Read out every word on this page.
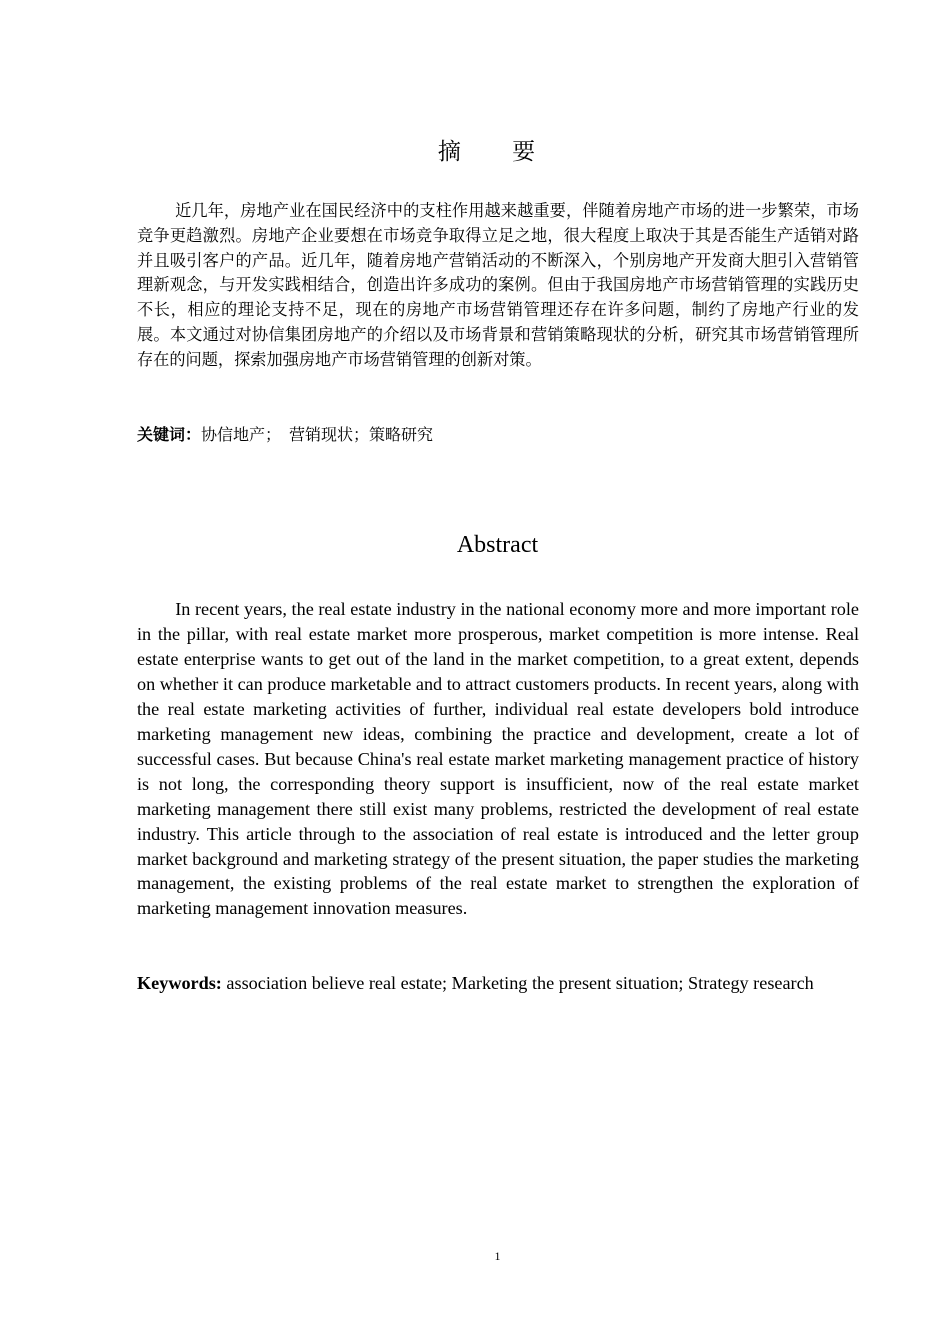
摘 要
近几年，房地产业在国民经济中的支柱作用越来越重要，伴随着房地产市场的进一步繁荣，市场竞争更趋激烈。房地产企业要想在市场竞争取得立足之地，很大程度上取决于其是否能生产适销对路并且吸引客户的产品。近几年，随着房地产营销活动的不断深入，个别房地产开发商大胆引入营销管理新观念，与开发实践相结合，创造出许多成功的案例。但由于我国房地产市场营销管理的实践历史不长，相应的理论支持不足，现在的房地产市场营销管理还存在许多问题，制约了房地产行业的发展。本文通过对协信集团房地产的介绍以及市场背景和营销策略现状的分析，研究其市场营销管理所存在的问题，探索加强房地产市场营销管理的创新对策。
关键词：协信地产；　营销现状；策略研究
Abstract
In recent years, the real estate industry in the national economy more and more important role in the pillar, with real estate market more prosperous, market competition is more intense. Real estate enterprise wants to get out of the land in the market competition, to a great extent, depends on whether it can produce marketable and to attract customers products. In recent years, along with the real estate marketing activities of further, individual real estate developers bold introduce marketing management new ideas, combining the practice and development, create a lot of successful cases. But because China's real estate market marketing management practice of history is not long, the corresponding theory support is insufficient, now of the real estate market marketing management there still exist many problems, restricted the development of real estate industry. This article through to the association of real estate is introduced and the letter group market background and marketing strategy of the present situation, the paper studies the marketing management, the existing problems of the real estate market to strengthen the exploration of marketing management innovation measures.
Keywords: association believe real estate; Marketing the present situation; Strategy research
1
